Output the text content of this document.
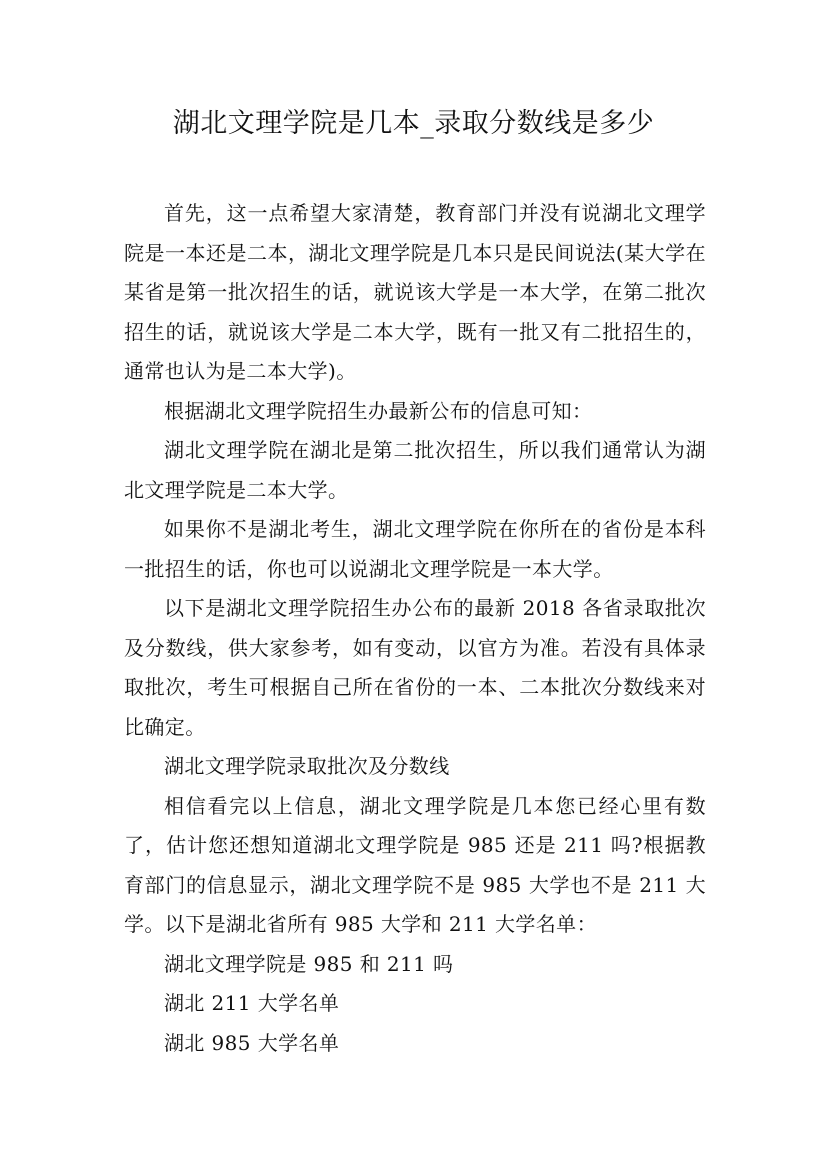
湖北文理学院是几本_录取分数线是多少

首先，这一点希望大家清楚，教育部门并没有说湖北文理学院是一本还是二本，湖北文理学院是几本只是民间说法(某大学在某省是第一批次招生的话，就说该大学是一本大学，在第二批次招生的话，就说该大学是二本大学，既有一批又有二批招生的，通常也认为是二本大学)。

根据湖北文理学院招生办最新公布的信息可知：

湖北文理学院在湖北是第二批次招生，所以我们通常认为湖北文理学院是二本大学。

如果你不是湖北考生，湖北文理学院在你所在的省份是本科一批招生的话，你也可以说湖北文理学院是一本大学。

以下是湖北文理学院招生办公布的最新 2018 各省录取批次及分数线，供大家参考，如有变动，以官方为准。若没有具体录取批次，考生可根据自己所在省份的一本、二本批次分数线来对比确定。

湖北文理学院录取批次及分数线

相信看完以上信息，湖北文理学院是几本您已经心里有数了，估计您还想知道湖北文理学院是 985 还是 211 吗?根据教育部门的信息显示，湖北文理学院不是 985 大学也不是 211 大学。以下是湖北省所有 985 大学和 211 大学名单：

湖北文理学院是 985 和 211 吗

湖北 211 大学名单

湖北 985 大学名单
